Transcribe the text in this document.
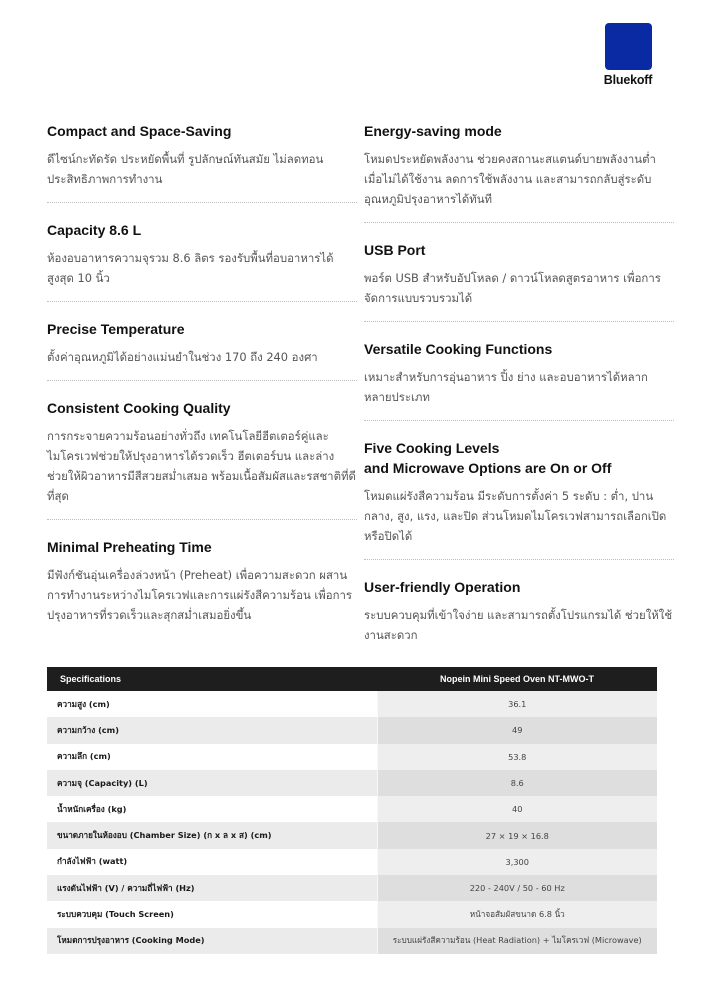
Bluekoff
Compact and Space-Saving

ดีไซน์กะทัดรัด ประหยัดพื้นที่ รูปลักษณ์ทันสมัย ไม่ลดทอนประสิทธิภาพการทำงาน

Capacity 8.6 L

ห้องอบอาหารความจุรวม 8.6 ลิตร รองรับพื้นที่อบอาหารได้สูงสุด 10 นิ้ว

Precise Temperature

ตั้งค่าอุณหภูมิได้อย่างแม่นยำในช่วง 170 ถึง 240 องศา

Consistent Cooking Quality

การกระจายความร้อนอย่างทั่วถึง เทคโนโลยีฮีตเตอร์คู่และไมโครเวฟช่วยให้ปรุงอาหารได้รวดเร็ว ฮีตเตอร์บน และล่าง ช่วยให้ผิวอาหารมีสีสวยสม่ำเสมอ พร้อมเนื้อสัมผัสและรสชาติที่ดีที่สุด

Minimal Preheating Time

มีฟังก์ชันอุ่นเครื่องล่วงหน้า (Preheat) เพื่อความสะดวก ผสานการทำงานระหว่างไมโครเวฟและการแผ่รังสีความร้อน เพื่อการปรุงอาหารที่รวดเร็วและสุกสม่ำเสมอยิ่งขึ้น

Energy-saving mode

โหมดประหยัดพลังงาน ช่วยคงสถานะสแตนด์บายพลังงานต่ำ เมื่อไม่ได้ใช้งาน ลดการใช้พลังงาน และสามารถกลับสู่ระดับอุณหภูมิปรุงอาหารได้ทันที

USB Port

พอร์ต USB สำหรับอัปโหลด / ดาวน์โหลดสูตรอาหาร เพื่อการจัดการแบบรวบรวมได้

Versatile Cooking Functions

เหมาะสำหรับการอุ่นอาหาร ปิ้ง ย่าง และอบอาหารได้หลากหลายประเภท

Five Cooking Levels
and Microwave Options are On or Off

โหมดแผ่รังสีความร้อน มีระดับการตั้งค่า 5 ระดับ : ต่ำ, ปานกลาง, สูง, แรง, และปิด ส่วนโหมดไมโครเวฟสามารถเลือกเปิดหรือปิดได้

User-friendly Operation

ระบบควบคุมที่เข้าใจง่าย และสามารถตั้งโปรแกรมได้ ช่วยให้ใช้งานสะดวก

Specifications	Nopein Mini Speed Oven NT-MWO-T
ความสูง (cm)	36.1
ความกว้าง (cm)	49
ความลึก (cm)	53.8
ความจุ (Capacity) (L)	8.6
น้ำหนักเครื่อง (kg)	40
ขนาดภายในห้องอบ (Chamber Size) (ก x ล x ส) (cm)	27 × 19 × 16.8
กำลังไฟฟ้า (watt)	3,300
แรงดันไฟฟ้า (V) / ความถี่ไฟฟ้า (Hz)	220 - 240V / 50 - 60 Hz
ระบบควบคุม (Touch Screen)	หน้าจอสัมผัสขนาด 6.8 นิ้ว
โหมดการปรุงอาหาร (Cooking Mode)	ระบบแผ่รังสีความร้อน (Heat Radiation) + ไมโครเวฟ (Microwave)
